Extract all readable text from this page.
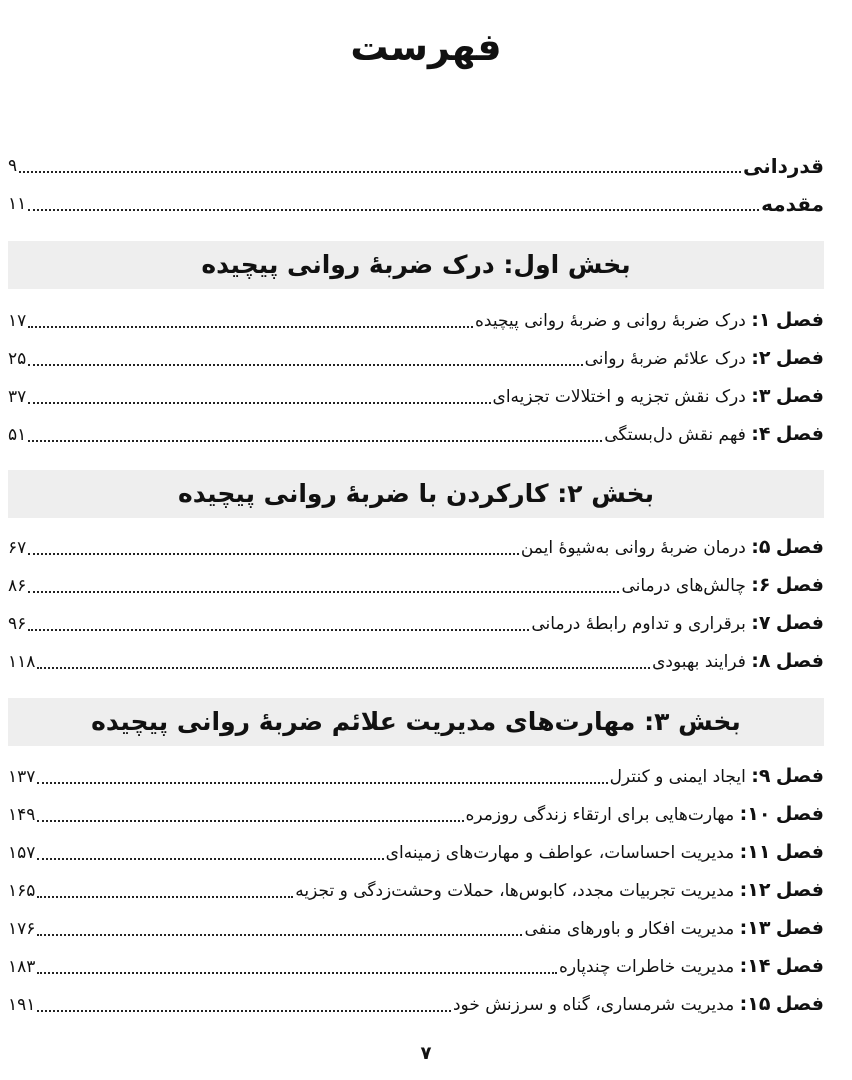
فهرست
قدردانی
۹
مقدمه
۱۱
بخش اول: درک ضربهٔ روانی پیچیده
فصل ۱: درک ضربهٔ روانی و ضربهٔ روانی پیچیده
۱۷
فصل ۲: درک علائم ضربهٔ روانی
۲۵
فصل ۳: درک نقش تجزیه و اختلالات تجزیه‌ای
۳۷
فصل ۴: فهم نقش دل‌بستگی
۵۱
بخش ۲: کارکردن با ضربهٔ روانی پیچیده
فصل ۵: درمان ضربهٔ روانی به‌شیوهٔ ایمن
۶۷
فصل ۶: چالش‌های درمانی
۸۶
فصل ۷: برقراری و تداوم رابطهٔ درمانی
۹۶
فصل ۸: فرایند بهبودی
۱۱۸
بخش ۳: مهارت‌های مدیریت علائم ضربهٔ روانی پیچیده
فصل ۹: ایجاد ایمنی و کنترل
۱۳۷
فصل ۱۰: مهارت‌هایی برای ارتقاء زندگی روزمره
۱۴۹
فصل ۱۱: مدیریت احساسات، عواطف و مهارت‌های زمینه‌ای
۱۵۷
فصل ۱۲: مدیریت تجربیات مجدد، کابوس‌ها، حملات وحشت‌زدگی و تجزیه
۱۶۵
فصل ۱۳: مدیریت افکار و باورهای منفی
۱۷۶
فصل ۱۴: مدیریت خاطرات چندپاره
۱۸۳
فصل ۱۵: مدیریت شرمساری، گناه و سرزنش خود
۱۹۱
۷
